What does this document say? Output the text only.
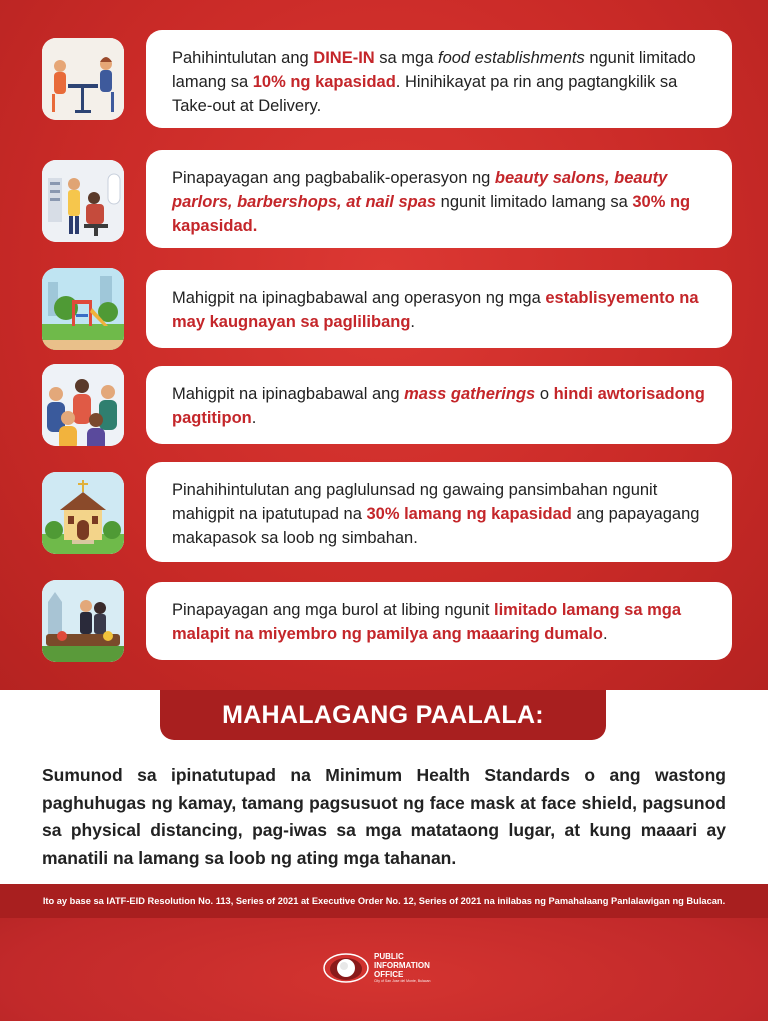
Pahihintulutan ang DINE-IN sa mga food establishments ngunit limitado lamang sa 10% ng kapasidad. Hinihikayat pa rin ang pagtangkilik sa Take-out at Delivery.
Pinapayagan ang pagbabalik-operasyon ng beauty salons, beauty parlors, barbershops, at nail spas ngunit limitado lamang sa 30% ng kapasidad.
Mahigpit na ipinagbabawal ang operasyon ng mga establisyemento na may kaugnayan sa paglilibang.
Mahigpit na ipinagbabawal ang mass gatherings o hindi awtorisadong pagtitipon.
Pinahihintulutan ang paglulunsad ng gawaing pansimbahan ngunit mahigpit na ipatutupad na 30% lamang ng kapasidad ang papayagang makapasok sa loob ng simbahan.
Pinapayagan ang mga burol at libing ngunit limitado lamang sa mga malapit na miyembro ng pamilya ang maaaring dumalo.
MAHALAGANG PAALALA:

Sumunod sa ipinatutupad na Minimum Health Standards o ang wastong paghuhugas ng kamay, tamang pagsusuot ng face mask at face shield, pagsunod sa physical distancing, pag-iwas sa mga matataong lugar, at kung maaari ay manatili na lamang sa loob ng ating mga tahanan.

Ito ay base sa IATF-EID Resolution No. 113, Series of 2021 at Executive Order No. 12, Series of 2021 na inilabas ng Pamahalaang Panlalawigan ng Bulacan.
PUBLIC
INFORMATION
OFFICE
City of San Jose del Monte, Bulacan
